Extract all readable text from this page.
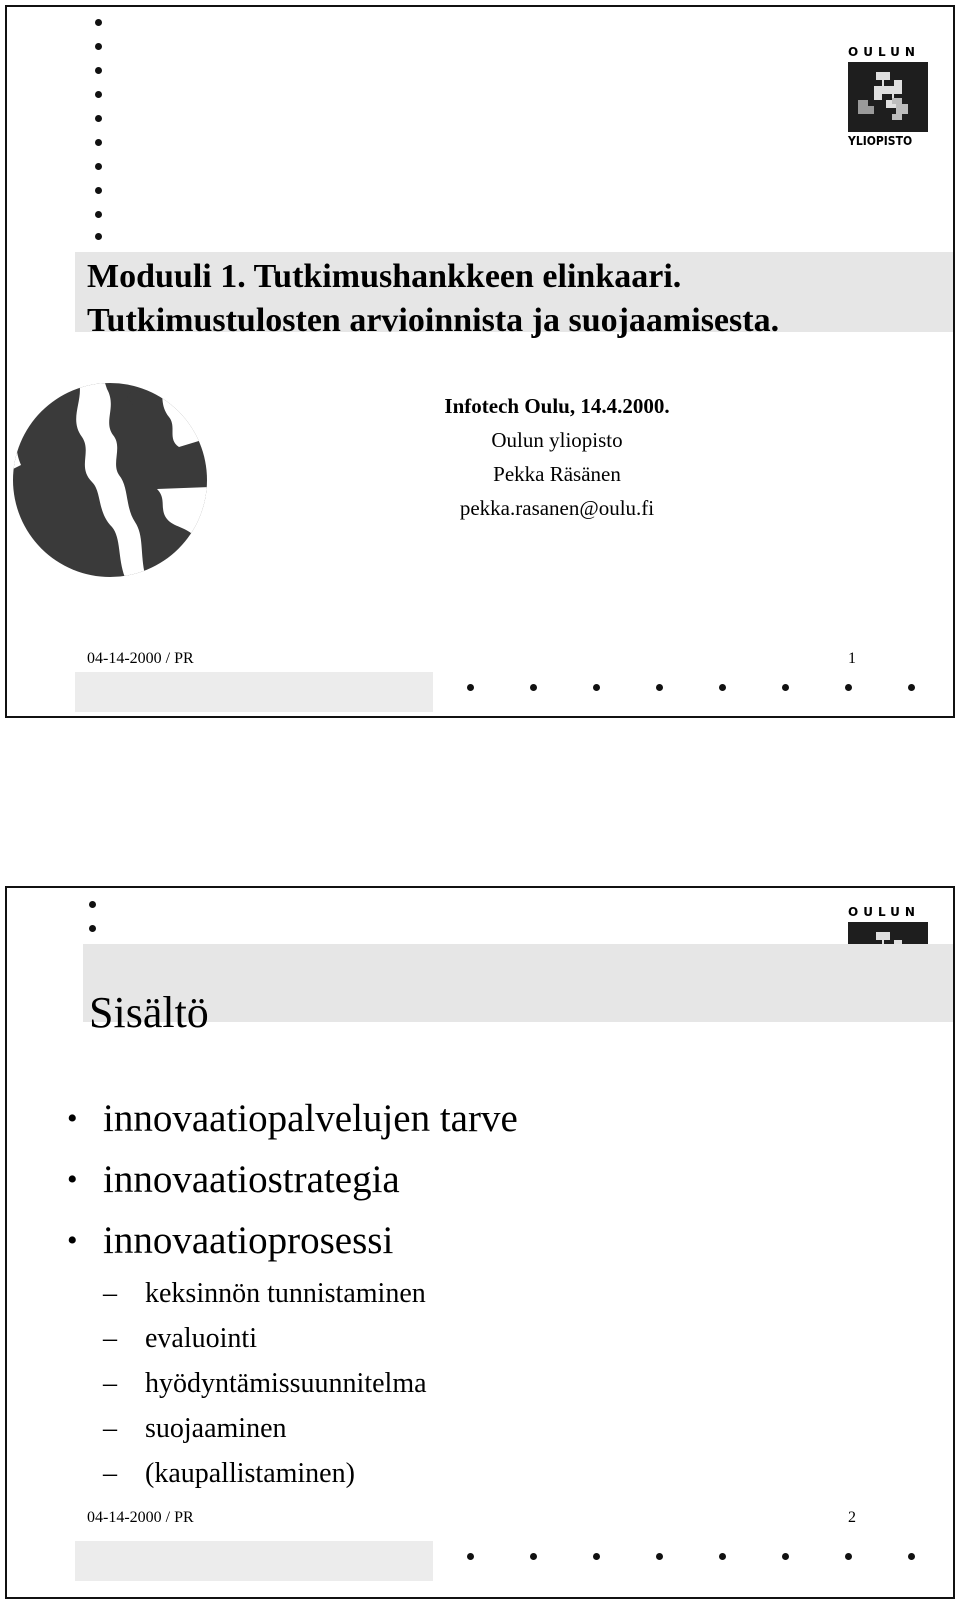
OULUN
YLIOPISTO
Moduuli 1. Tutkimushankkeen elinkaari.
Tutkimustulosten arvioinnista ja suojaamisesta.
Infotech Oulu, 14.4.2000.
Oulun yliopisto
Pekka Räsänen
pekka.rasanen@oulu.fi
04-14-2000 / PR	1
OULUN
Sisältö
• innovaatiopalvelujen tarve
• innovaatiostrategia
• innovaatioprosessi
– keksinnön tunnistaminen
– evaluointi
– hyödyntämissuunnitelma
– suojaaminen
– (kaupallistaminen)
04-14-2000 / PR	2
